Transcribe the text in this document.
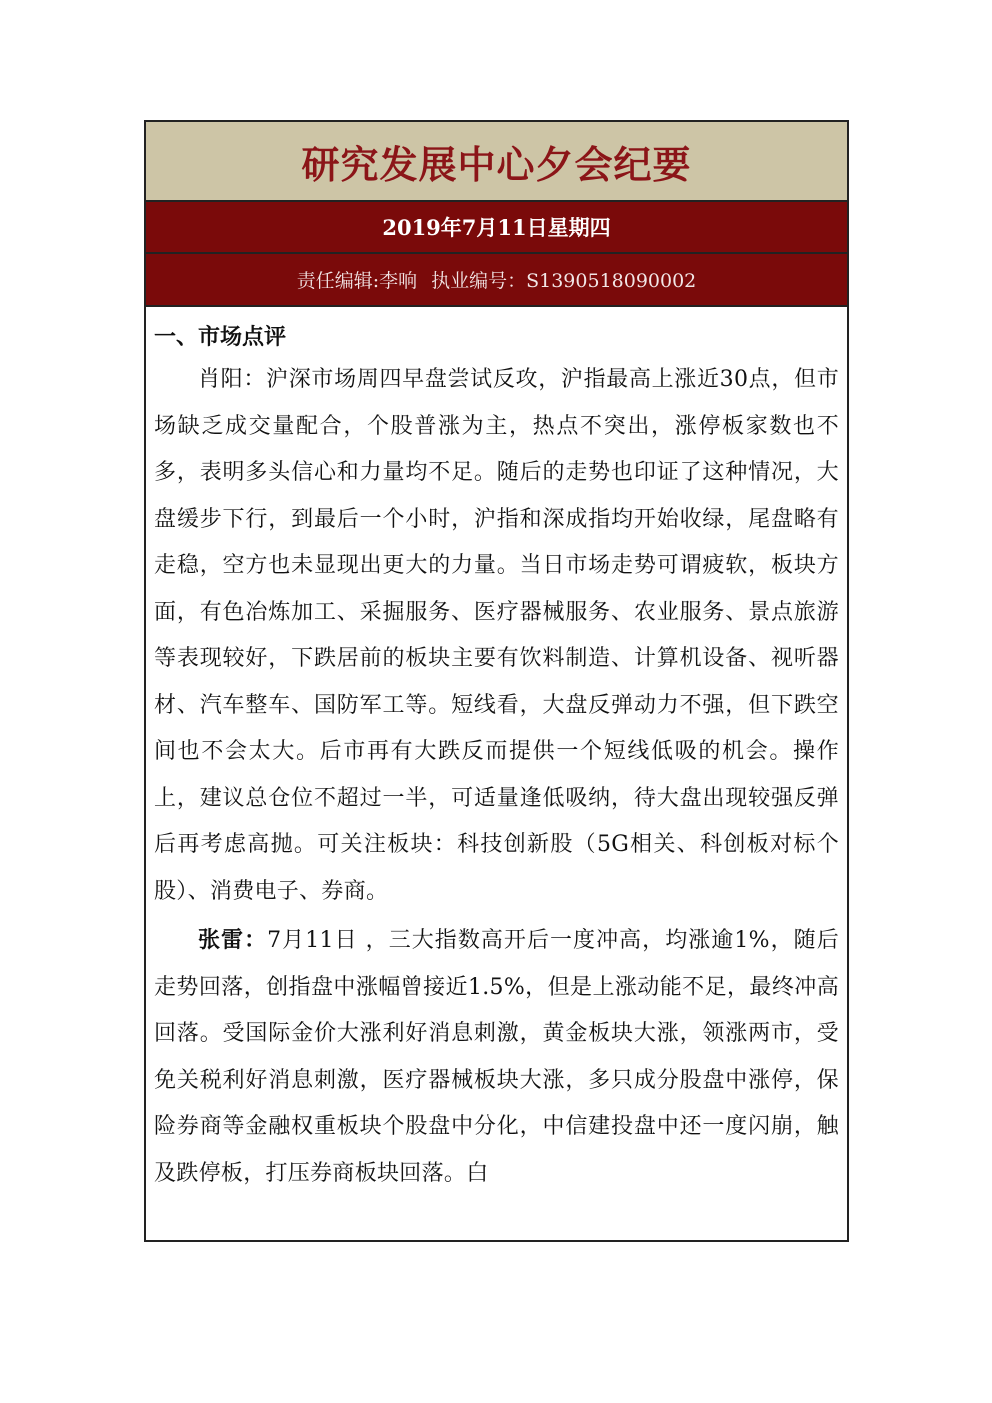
研究发展中心夕会纪要
2019年7月11日星期四
责任编辑:李响 执业编号：S1390518090002
一、市场点评

肖阳：沪深市场周四早盘尝试反攻，沪指最高上涨近30点，但市场缺乏成交量配合，个股普涨为主，热点不突出，涨停板家数也不多，表明多头信心和力量均不足。随后的走势也印证了这种情况，大盘缓步下行，到最后一个小时，沪指和深成指均开始收绿，尾盘略有走稳，空方也未显现出更大的力量。当日市场走势可谓疲软，板块方面，有色冶炼加工、采掘服务、医疗器械服务、农业服务、景点旅游等表现较好，下跌居前的板块主要有饮料制造、计算机设备、视听器材、汽车整车、国防军工等。短线看，大盘反弹动力不强，但下跌空间也不会太大。后市再有大跌反而提供一个短线低吸的机会。操作上，建议总仓位不超过一半，可适量逢低吸纳，待大盘出现较强反弹后再考虑高抛。可关注板块：科技创新股（5G相关、科创板对标个股）、消费电子、券商。

张雷：7月11日 ，三大指数高开后一度冲高，均涨逾1%，随后走势回落，创指盘中涨幅曾接近1.5%，但是上涨动能不足，最终冲高回落。受国际金价大涨利好消息刺激，黄金板块大涨，领涨两市，受免关税利好消息刺激，医疗器械板块大涨，多只成分股盘中涨停，保险券商等金融权重板块个股盘中分化，中信建投盘中还一度闪崩，触及跌停板，打压券商板块回落。白
